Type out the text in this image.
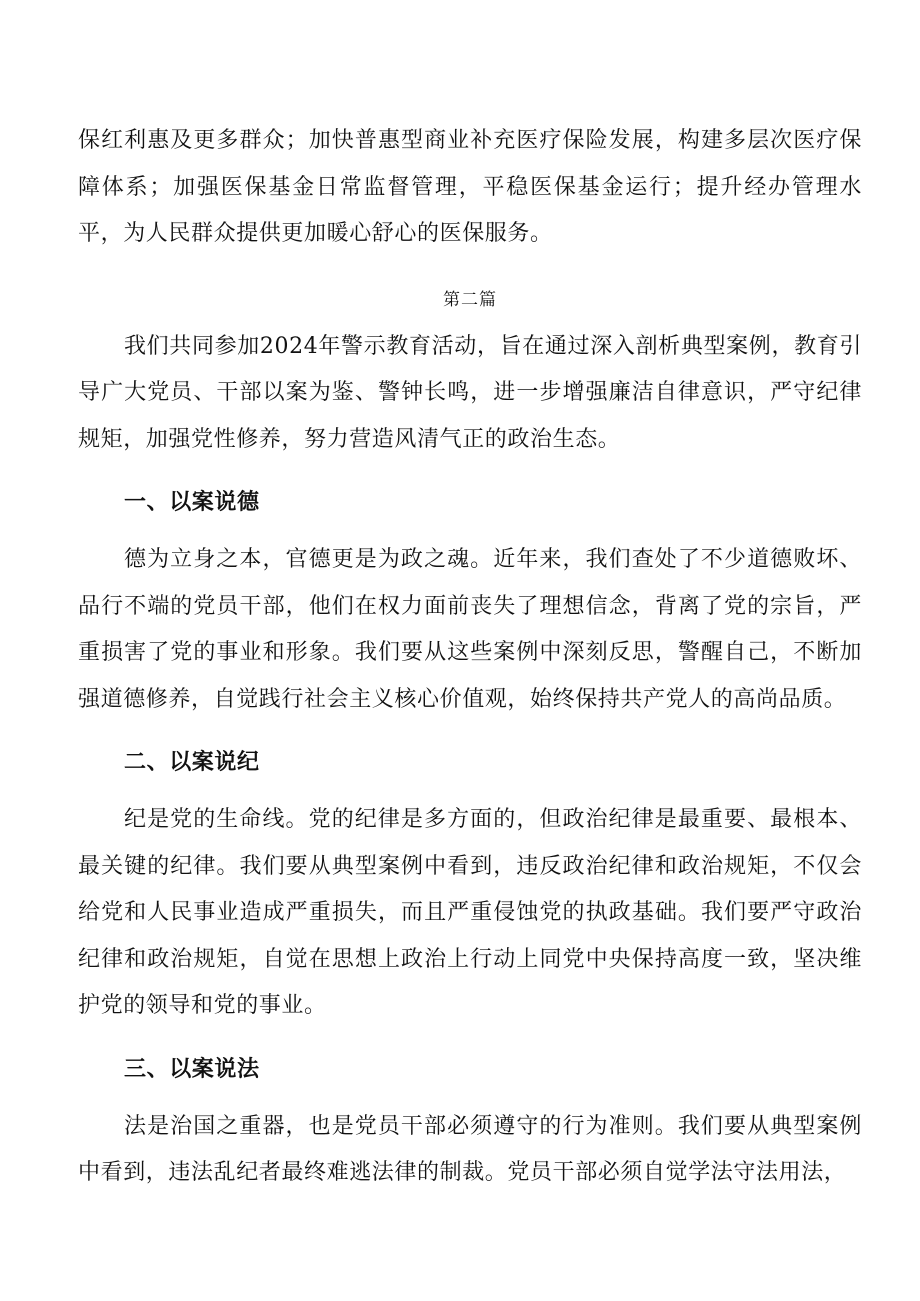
保红利惠及更多群众；加快普惠型商业补充医疗保险发展，构建多层次医疗保障体系；加强医保基金日常监督管理，平稳医保基金运行；提升经办管理水平，为人民群众提供更加暖心舒心的医保服务。

第二篇

我们共同参加2024年警示教育活动，旨在通过深入剖析典型案例，教育引导广大党员、干部以案为鉴、警钟长鸣，进一步增强廉洁自律意识，严守纪律规矩，加强党性修养，努力营造风清气正的政治生态。

一、以案说德

德为立身之本，官德更是为政之魂。近年来，我们查处了不少道德败坏、品行不端的党员干部，他们在权力面前丧失了理想信念，背离了党的宗旨，严重损害了党的事业和形象。我们要从这些案例中深刻反思，警醒自己，不断加强道德修养，自觉践行社会主义核心价值观，始终保持共产党人的高尚品质。

二、以案说纪

纪是党的生命线。党的纪律是多方面的，但政治纪律是最重要、最根本、最关键的纪律。我们要从典型案例中看到，违反政治纪律和政治规矩，不仅会给党和人民事业造成严重损失，而且严重侵蚀党的执政基础。我们要严守政治纪律和政治规矩，自觉在思想上政治上行动上同党中央保持高度一致，坚决维护党的领导和党的事业。

三、以案说法

法是治国之重器，也是党员干部必须遵守的行为准则。我们要从典型案例中看到，违法乱纪者最终难逃法律的制裁。党员干部必须自觉学法守法用法，
